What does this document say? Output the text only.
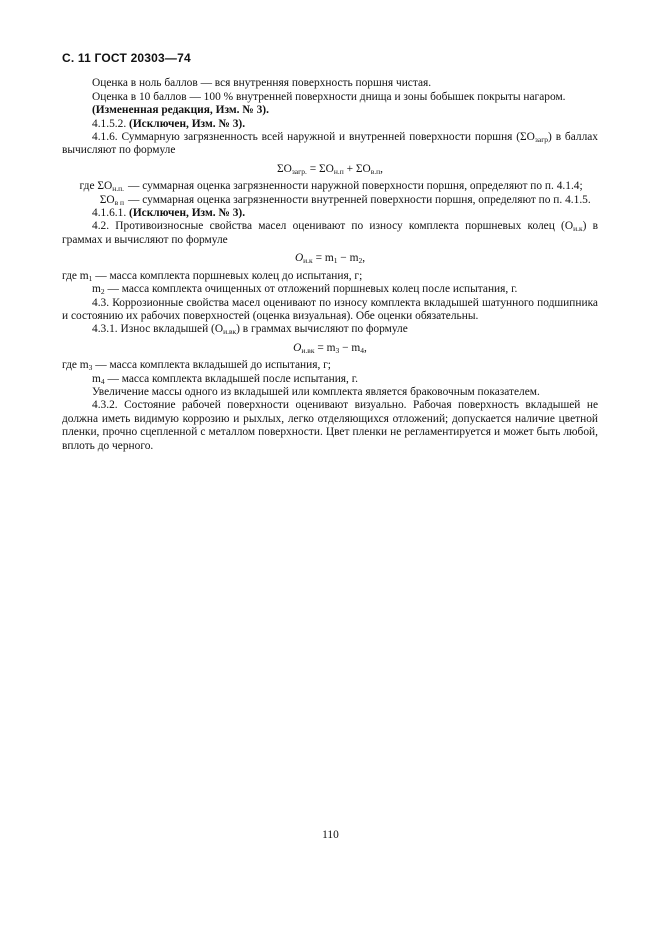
С. 11 ГОСТ 20303—74

Оценка в ноль баллов — вся внутренняя поверхность поршня чистая.

Оценка в 10 баллов — 100 % внутренней поверхности днища и зоны бобышек покрыты нагаром.

(Измененная редакция, Изм. № 3).

4.1.5.2. (Исключен, Изм. № 3).

4.1.6. Суммарную загрязненность всей наружной и внутренней поверхности поршня $(\Sigma O_{загр})$ в баллах вычисляют по формуле

$\Sigma O_{загр.} = \Sigma O_{н.п} + \Sigma O_{в.п}$,
где $\Sigma O_{н.п.}$ — суммарная оценка загрязненности наружной поверхности поршня, определяют по п. 4.1.4;
$\Sigma O_{в п}$ — суммарная оценка загрязненности внутренней поверхности поршня, определяют по п. 4.1.5.

4.1.6.1. (Исключен, Изм. № 3).

4.2. Противоизносные свойства масел оценивают по износу комплекта поршневых колец $(O_{и.к})$ в граммах и вычисляют по формуле

$O_{и.к} = m_1 - m_2$,

где $m_1$ — масса комплекта поршневых колец до испытания, г;

$m_2$ — масса комплекта очищенных от отложений поршневых колец после испытания, г.

4.3. Коррозионные свойства масел оценивают по износу комплекта вкладышей шатунного подшипника и состоянию их рабочих поверхностей (оценка визуальная). Обе оценки обязательны.

4.3.1. Износ вкладышей $(O_{и.вк})$ в граммах вычисляют по формуле

$O_{и.вк} = m_3 - m_4$,

где $m_3$ — масса комплекта вкладышей до испытания, г;

$m_4$ — масса комплекта вкладышей после испытания, г.

Увеличение массы одного из вкладышей или комплекта является браковочным показателем.

4.3.2. Состояние рабочей поверхности оценивают визуально. Рабочая поверхность вкладышей не должна иметь видимую коррозию и рыхлых, легко отделяющихся отложений; допускается наличие цветной пленки, прочно сцепленной с металлом поверхности. Цвет пленки не регламентируется и может быть любой, вплоть до черного.

110
